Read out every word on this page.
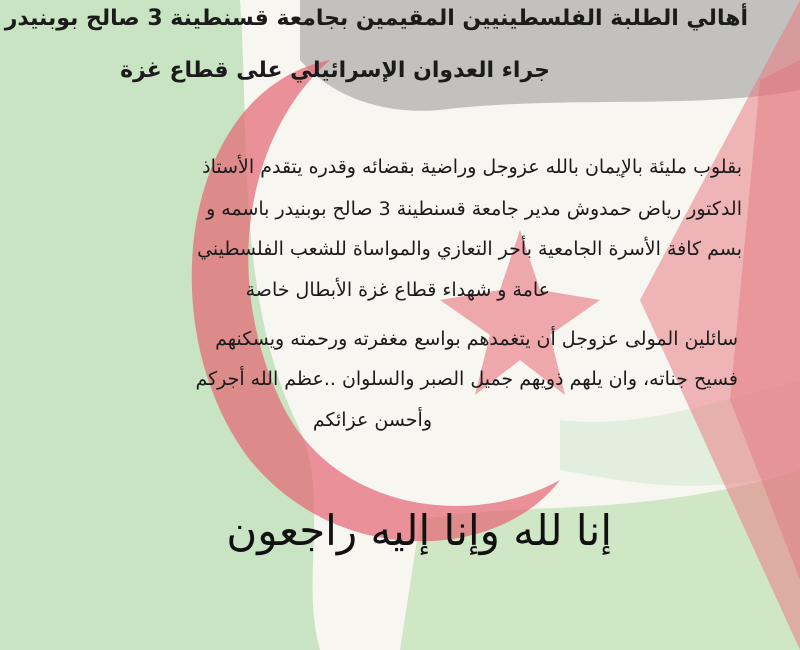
أهالي الطلبة الفلسطينيين المقيمين بجامعة قسنطينة 3 صالح بوبنيدر
جراء العدوان الإسرائيلي على قطاع غزة
بقلوب مليئة بالإيمان بالله عزوجل وراضية بقضائه وقدره يتقدم الأستاذ
الدكتور رياض حمدوش مدير جامعة قسنطينة 3 صالح بوبنيدر باسمه و
بسم كافة الأسرة الجامعية بأحر التعازي والمواساة للشعب الفلسطيني
عامة و شهداء قطاع غزة الأبطال خاصة
سائلين المولى عزوجل أن يتغمدهم بواسع مغفرته ورحمته ويسكنهم
فسيح جناته، وان يلهم ذويهم جميل الصبر والسلوان ..عظم الله أجركم
وأحسن عزائكم
إنا لله وإنا إليه راجعون
